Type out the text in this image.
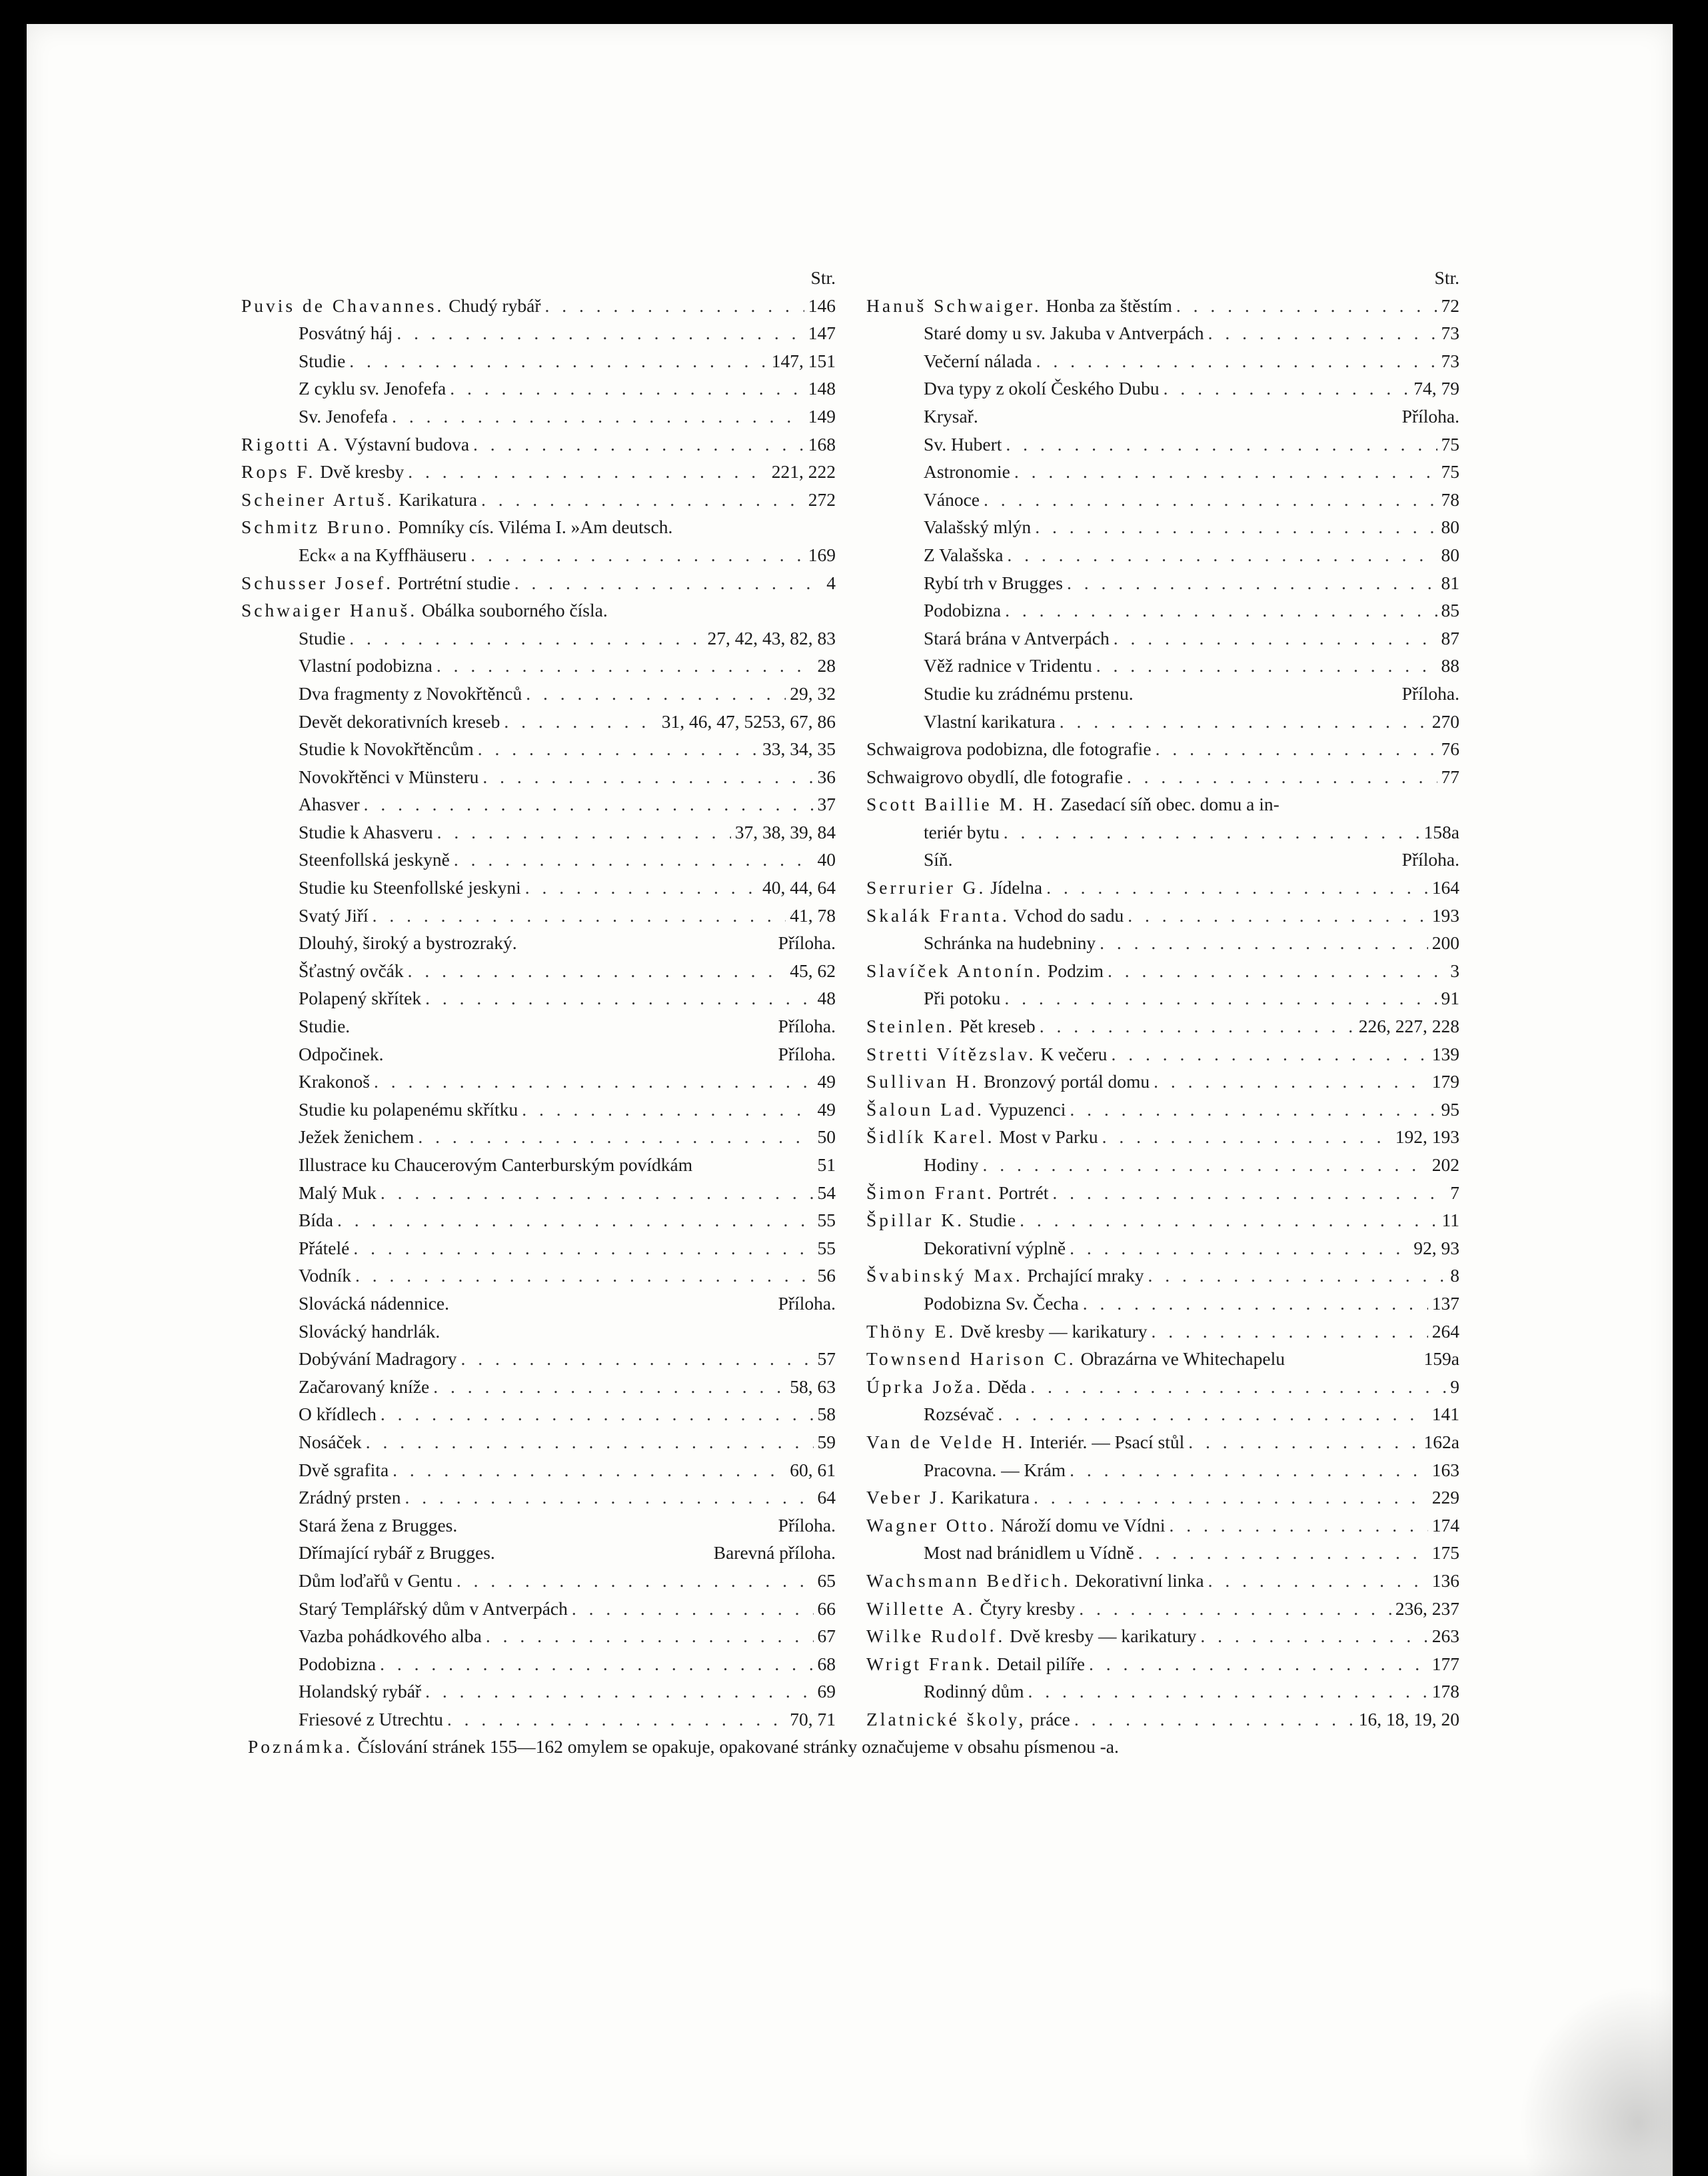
Str.
Puvis de Chavannes. Chudý rybář . . .	146
Posvátný háj . . .	147
Studie . . .	147, 151
Z cyklu sv. Jenofefa . . .	148
Sv. Jenofefa . . .	149
Rigotti A. Výstavní budova . . .	168
Rops F. Dvě kresby . . .	221, 222
Scheiner Artuš. Karikatura . . .	272
Schmitz Bruno. Pomníky cís. Viléma I. »Am deutsch.
Eck« a na Kyffhäuseru . . .	169
Schusser Josef. Portrétní studie . . .	4
Schwaiger Hanuš. Obálka souborného čísla.
Studie . . .	27, 42, 43, 82, 83
Vlastní podobizna . . .	28
Dva fragmenty z Novokřtěnců . . .	29, 32
Devět dekorativních kreseb . . .	31, 46, 47, 5253, 67, 86
Studie k Novokřtěncům . . .	33, 34, 35
Novokřtěnci v Münsteru . . .	36
Ahasver . . .	37
Studie k Ahasveru . . .	37, 38, 39, 84
Steenfollská jeskyně . . .	40
Studie ku Steenfollské jeskyni . . .	40, 44, 64
Svatý Jiří . . .	41, 78
Dlouhý, široký a bystrozraký.	Příloha.
Šťastný ovčák . . .	45, 62
Polapený skřítek . . .	48
Studie.	Příloha.
Odpočinek.	Příloha.
Krakonoš . . .	49
Studie ku polapenému skřítku . . .	49
Ježek ženichem . . .	50
Illustrace ku Chaucerovým Canterburským povídkám	51
Malý Muk . . .	54
Bída . . .	55
Přátelé . . .	55
Vodník . . .	56
Slovácká nádennice.	Příloha.
Slovácký handrlák.
Dobývání Madragory . . .	57
Začarovaný kníže . . .	58, 63
O křídlech . . .	58
Nosáček . . .	59
Dvě sgrafita . . .	60, 61
Zrádný prsten . . .	64
Stará žena z Brugges.	Příloha.
Dřímající rybář z Brugges.	Barevná příloha.
Dům loďařů v Gentu . . .	65
Starý Templářský dům v Antverpách . . .	66
Vazba pohádkového alba . . .	67
Podobizna . . .	68
Holandský rybář . . .	69
Friesové z Utrechtu . . .	70, 71
Str.
Hanuš Schwaiger. Honba za štěstím . . .	72
Staré domy u sv. Jakuba v Antverpách . . .	73
Večerní nálada . . .	73
Dva typy z okolí Českého Dubu . . .	74, 79
Krysař.	Příloha.
Sv. Hubert . . .	75
Astronomie . . .	75
Vánoce . . .	78
Valašský mlýn . . .	80
Z Valašska . . .	80
Rybí trh v Brugges . . .	81
Podobizna . . .	85
Stará brána v Antverpách . . .	87
Věž radnice v Tridentu . . .	88
Studie ku zrádnému prstenu.	Příloha.
Vlastní karikatura . . .	270
Schwaigrova podobizna, dle fotografie . . .	76
Schwaigrovo obydlí, dle fotografie . . .	77
Scott Baillie M. H. Zasedací síň obec. domu a in-
teriér bytu . . .	158a
Síň.	Příloha.
Serrurier G. Jídelna . . .	164
Skalák Franta. Vchod do sadu . . .	193
Schránka na hudebniny . . .	200
Slavíček Antonín. Podzim . . .	3
Při potoku . . .	91
Steinlen. Pět kreseb . . .	226, 227, 228
Stretti Vítězslav. K večeru . . .	139
Sullivan H. Bronzový portál domu . . .	179
Šaloun Lad. Vypuzenci . . .	95
Šidlík Karel. Most v Parku . . .	192, 193
Hodiny . . .	202
Šimon Frant. Portrét . . .	7
Špillar K. Studie . . .	11
Dekorativní výplně . . .	92, 93
Švabinský Max. Prchající mraky . . .	8
Podobizna Sv. Čecha . . .	137
Thöny E. Dvě kresby — karikatury . . .	264
Townsend Harison C. Obrazárna ve Whitechapelu	159a
Úprka Joža. Děda . . .	9
Rozsévač . . .	141
Van de Velde H. Interiér. — Psací stůl . . .	162a
Pracovna. — Krám . . .	163
Veber J. Karikatura . . .	229
Wagner Otto. Nároží domu ve Vídni . . .	174
Most nad bránidlem u Vídně . . .	175
Wachsmann Bedřich. Dekorativní linka . . .	136
Willette A. Čtyry kresby . . .	236, 237
Wilke Rudolf. Dvě kresby — karikatury . . .	263
Wrigt Frank. Detail pilíře . . .	177
Rodinný dům . . .	178
Zlatnické školy, práce . . .	16, 18, 19, 20
Poznámka. Číslování stránek 155—162 omylem se opakuje, opakované stránky označujeme v obsahu písmenou -a.
